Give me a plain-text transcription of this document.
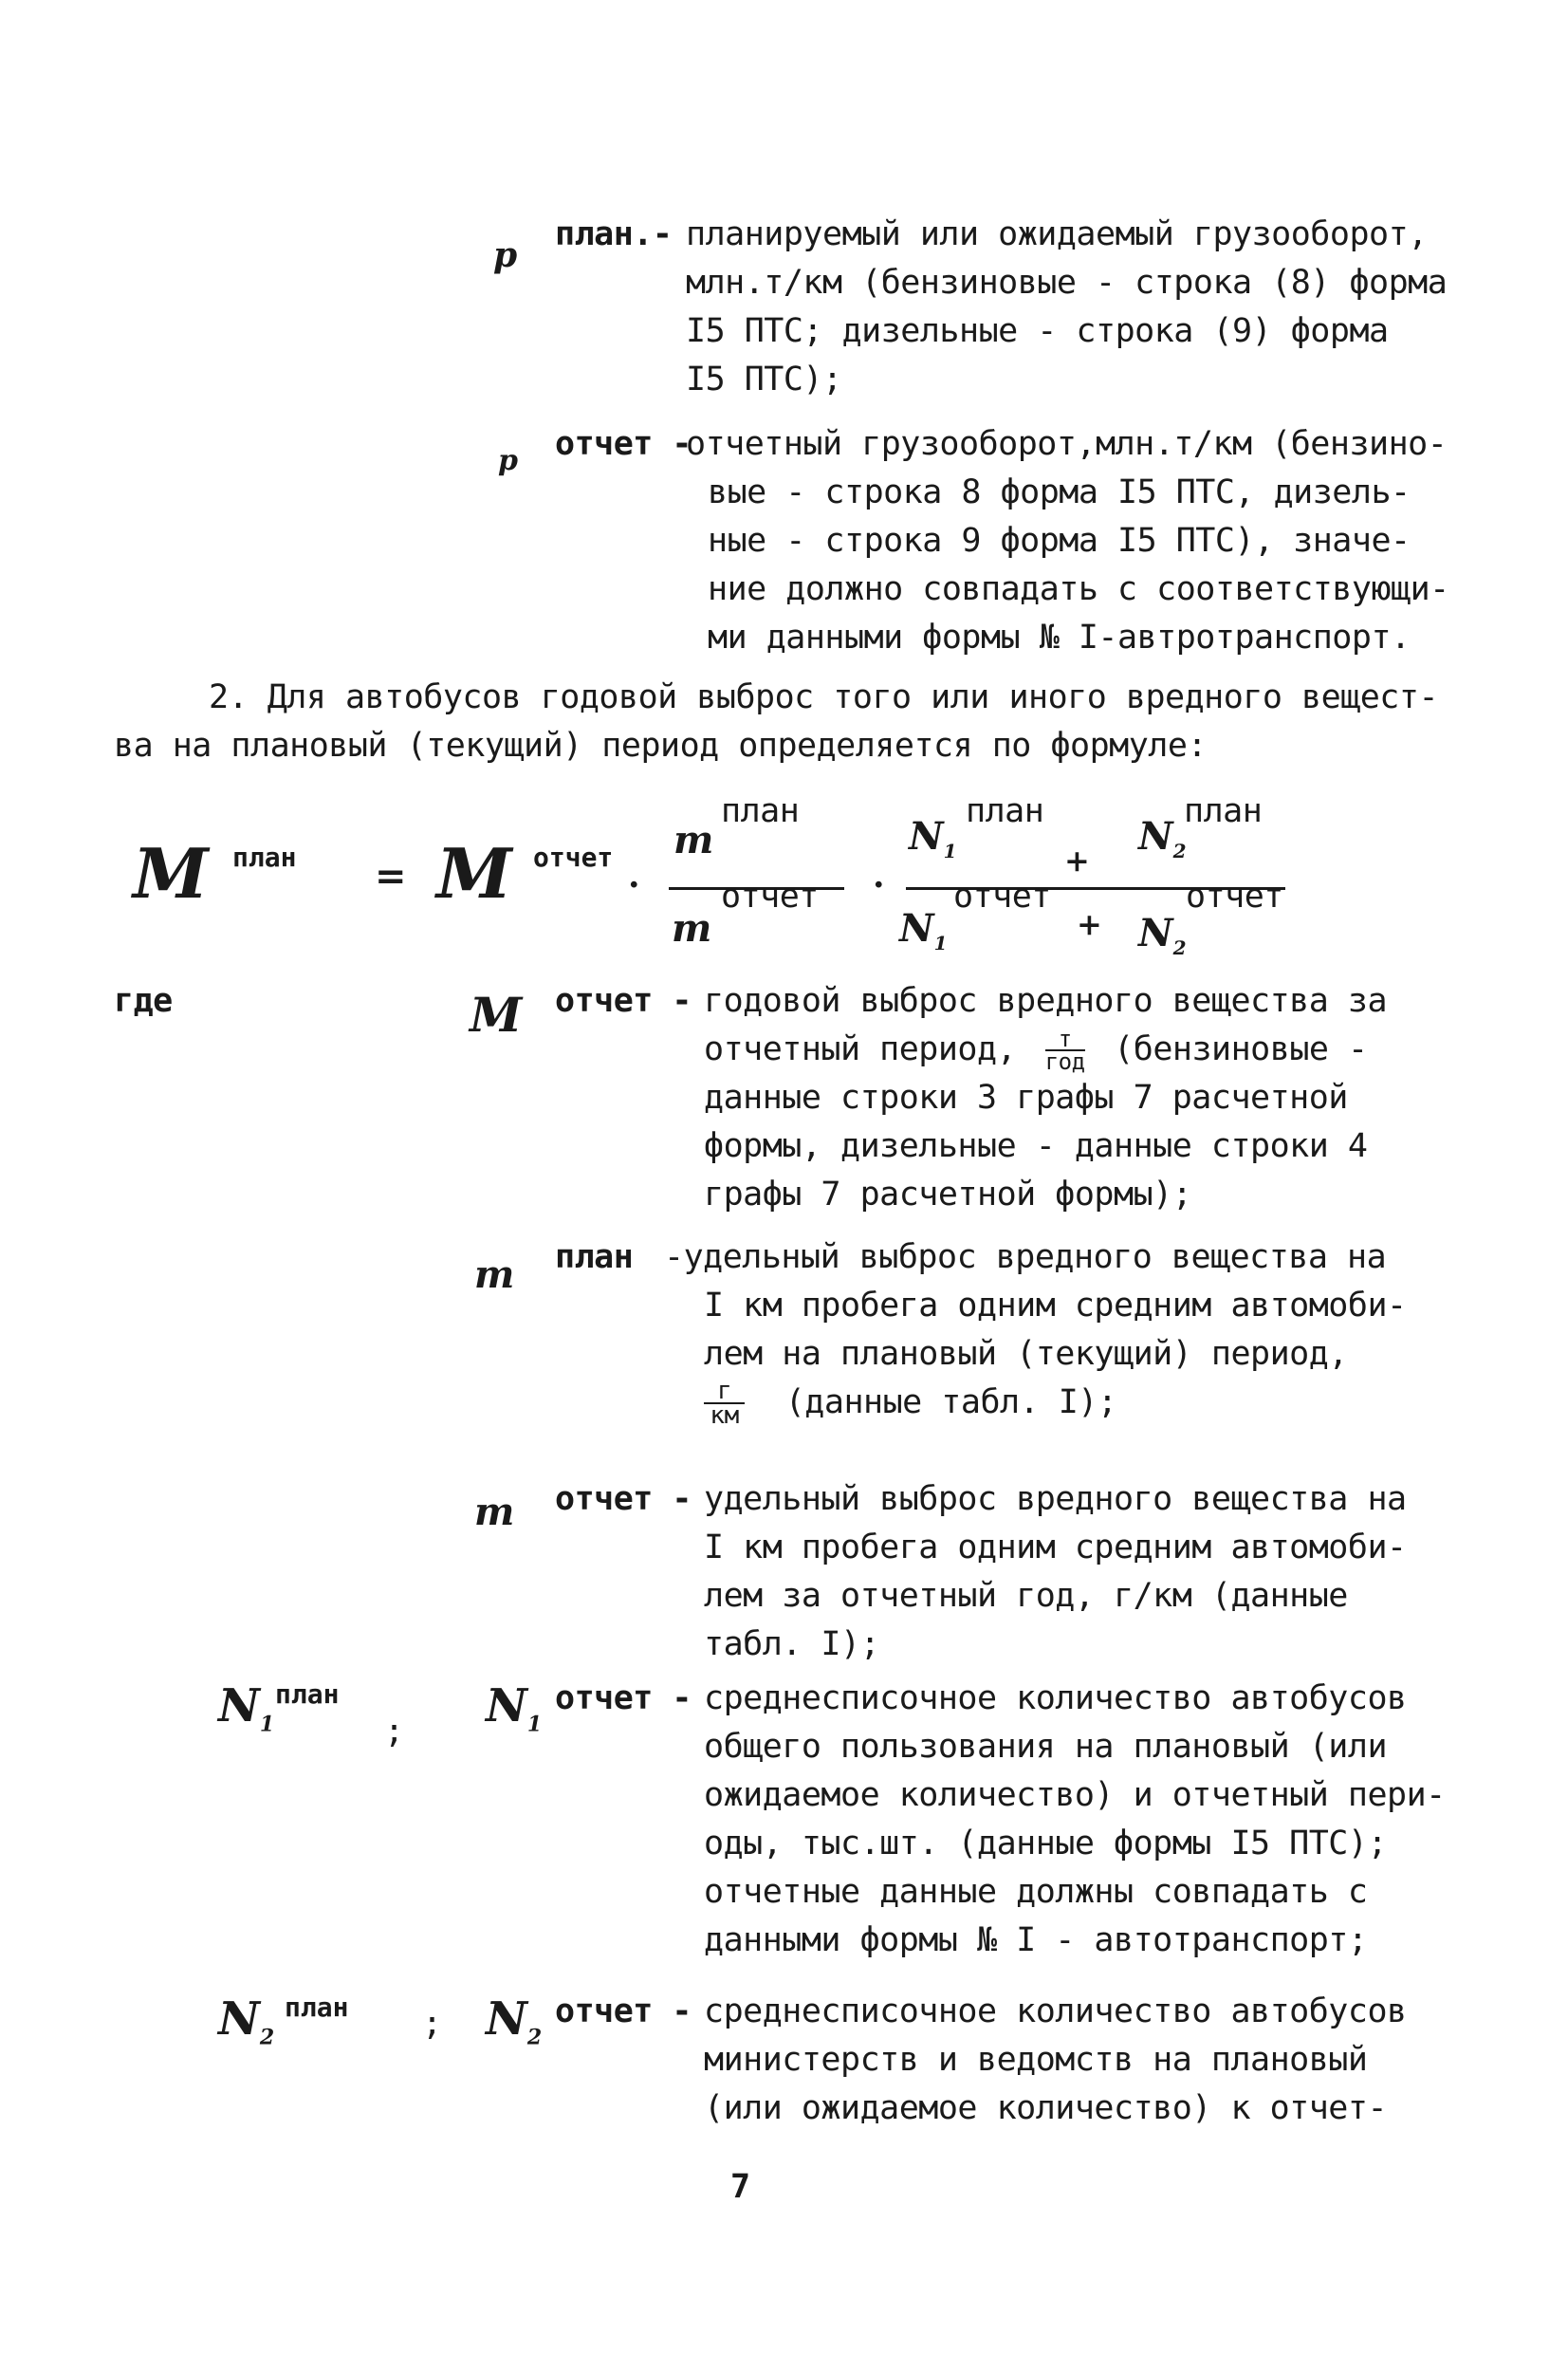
p
план.- планируемый или ожидаемый грузооборот,
млн.т/км (бензиновые - строка (8) форма
I5 ПТС; дизельные - строка (9) форма
I5 ПТС);
p отчет -
отчетный грузооборот,млн.т/км (бензино-
вые - строка 8 форма I5 ПТС, дизель-
ные - строка 9 форма I5 ПТС), значе-
ние должно совпадать с соответствующи-
ми данными формы № I-автротранспорт.
2. Для автобусов годовой выброс того или иного вредного вещест-
ва на плановый (текущий) период определяется по формуле:
M план = M отчет .
m
план
m
отчет
.
$N_1$
план
+
$N_2$
план
$N_1$
отчет
+ $N_2$
отчет
где	M отчет - годовой выброс вредного вещества за
отчетный период,	т
год (бензиновые -
данные строки 3 графы 7 расчетной
формы, дизельные - данные строки 4
графы 7 расчетной формы);
m план -удельный выброс вредного вещества на
I км пробега одним средним автомоби-
лем на плановый (текущий) период,
г
км (данные табл. I);
m отчет - удельный выброс вредного вещества на
I км пробега одним средним автомоби-
лем за отчетный год, г/км (данные
табл. I);
$N_1$
план
; $N_1$
отчет - среднесписочное количество автобусов
общего пользования на плановый (или
ожидаемое количество) и отчетный пери-
оды, тыс.шт. (данные формы I5 ПТС);
отчетные данные должны совпадать с
данными формы № I - автотранспорт;
$N_2$
план ; $N_2$
отчет - среднесписочное количество автобусов
министерств и ведомств на плановый
(или ожидаемое количество) к отчет-
7
